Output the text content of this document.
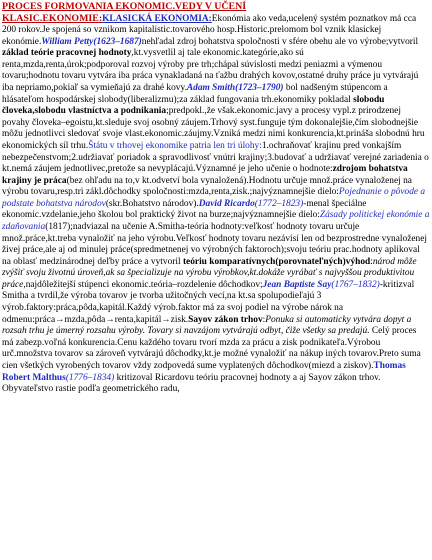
PROCES FORMOVANIA EKONOMIC.VEDY V UČENÍ

KLASIC.EKONOMIE:KLASICKÁ EKONOMIA:Ekonómia ako veda,ucelený systém poznatkov má cca 200 rokov.Je spojená so vznikom kapitalistic.tovarového hosp.Historic.prelomom bol vznik klasickej ekonómie.William Petty(1623–1687)nehľadal zdroj bohatstva spoločnosti v sfére obehu ale vo výrobe;vytvoril základ teórie pracovnej hodnoty,kt.vysvetlil aj tale ekonomic.kategórie,ako sú renta,mzda,renta,úrok;podporoval rozvoj výroby pre trh;chápal súvislosti medzi peniazmi a výmenou tovaru;hodnotu tovaru vytvára iba práca vynakladaná na ťažbu drahých kovov,ostatné druhy práce ju vytvárajú iba nepriamo,pokiaľ sa vymieňajú za drahé kovy.Adam Smith(1723–1790) bol nadšeným stúpencom a hlásateľom hospodárskej slobody(liberalizmu);za základ fungovania trh.ekonomiky pokladal slobodu človeka,slobodu vlastníctva a podnikania;predpokl.,že však.ekonomic.javy a procesy vypl.z prirodzenej povahy človeka–egoistu,kt.sleduje svoj osobný záujem.Trhový syst.funguje tým dokonalejšie,čím slobodnejšie môžu jednotlivci sledovať svoje vlast.ekonomic.záujmy.Vzniká medzi nimi konkurencia,kt.prináša slobodnú hru ekonomických síl trhu.Štátu v trhovej ekonomike patria len tri úlohy:1.ochraňovať krajinu pred vonkajším nebezpečenstvom;2.udržiavať poriadok a spravodlivosť vnútri krajiny;3.budovať a udržiavať verejné zariadenia o kt.nemá záujem jednotlivec,pretože sa nevyplácajú.Významné je jeho učenie o hodnote:zdrojom bohatstva krajiny je práca(bez ohľadu na to,v kt.odvetví bola vynaložená).Hodnotu určuje množ.práce vynaloženej na výrobu tovaru,resp.tri zákl.dôchodky spoločnosti:mzda,renta,zisk.;najvýznamnejšie dielo:Pojednanie o pôvode a podstate bohatstva národov(skr.Bohatstvo národov).David Ricardo(1772–1823)-menal špeciálne ekonomic.vzdelanie,jeho školou bol praktický život na burze;najvýznamnejšie dielo:Zásady politickej ekonómie a zdaňovania(1817);nadviazal na učenie A.Smitha-teória hodnoty:veľkosť hodnoty tovaru určuje množ.práce,kt.treba vynaložiť na jeho výrobu.Veľkosť hodnoty tovaru nezávisí len od bezprostredne vynaloženej živej práce,ale aj od minulej práce(spredmetnenej vo výrobných faktoroch);svoju teóriu prac.hodnoty aplikoval na oblasť medzinárodnej deľby práce a vytvoril teóriu komparatívnych(porovnateľných)výhod:národ môže zvýšiť svoju životnú úroveň,ak sa špecializuje na výrobu výrobkov,kt.dokáže vyrábať s najvyššou produktivitou práce,najdôležitejší stúpenci ekonomic.teória–rozdelenie dôchodkov;Jean Baptiste Say(1767–1832)-kritizval Smitha a tvrdil,že výroba tovarov je tvorba užitočných vecí,na kt.sa spolupodieľajú 3 výrob.faktory:práca,pôda,kapitál.Každý výrob.faktor má za svoj podiel na výrobe nárok na odmenu:práca→mzda,pôda→renta,kapitál→zisk.Sayov zákon trhov:Ponuka si automaticky vytvára dopyt a rozsah trhu je úmerný rozsahu výroby. Tovary si navzájom vytvárajú odbyt, čiže všetky sa predajú. Celý proces má zabezp.voľná konkurencia.Cenu každého tovaru tvorí mzda za prácu a zisk podnikateľa.Výrobou urč.množstva tovarov sa zároveň vytvárajú dôchodky,kt.je možné vynaložiť na nákup iných tovarov.Preto suma cien všetkých vyrobených tovarov vždy zodpovedá sume vyplatených dôchodkov(miezd a ziskov).Thomas Robert Malthus(1776–1834) kritizoval Ricardovu teóriu pracovnej hodnoty a aj Sayov zákon trhov. Obyvateľstvo rastie podľa geometrického radu,
